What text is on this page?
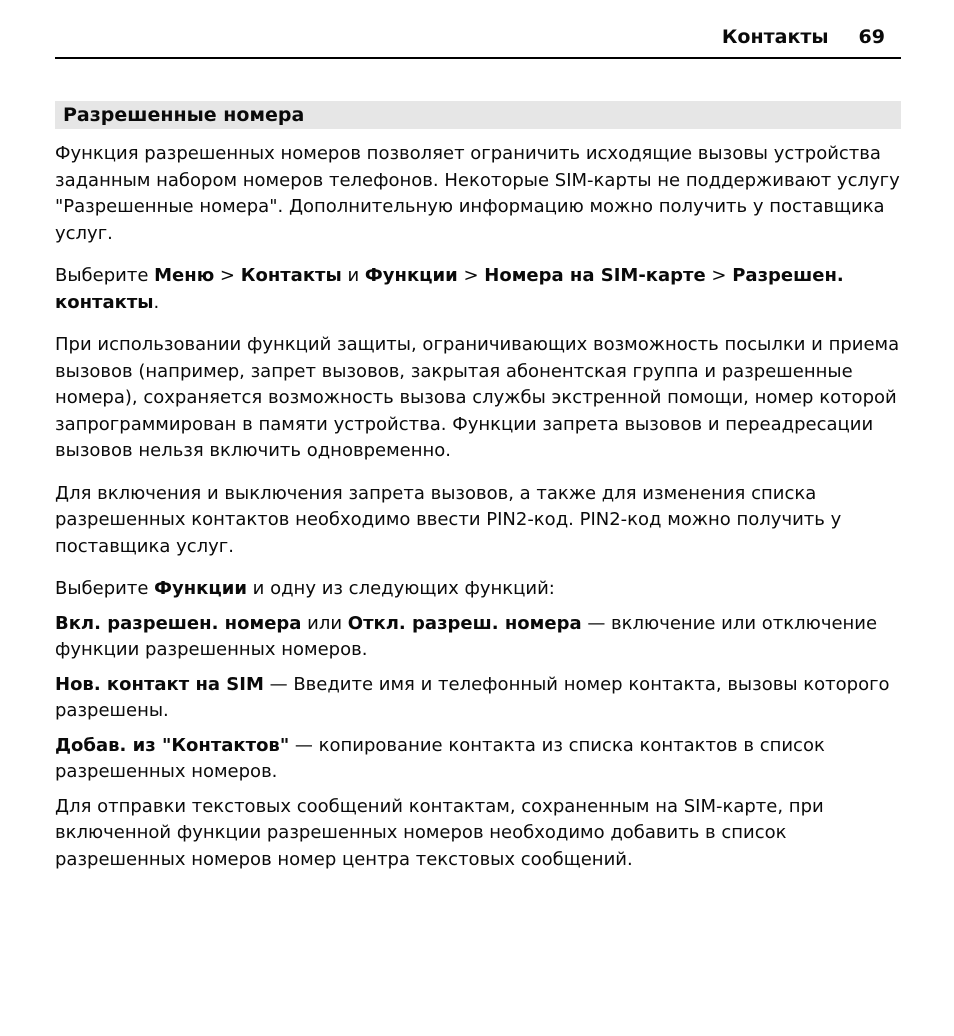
Контакты 69
Разрешенные номера

Функция разрешенных номеров позволяет ограничить исходящие вызовы устройства заданным набором номеров телефонов. Некоторые SIM-карты не поддерживают услугу "Разрешенные номера". Дополнительную информацию можно получить у поставщика услуг.

Выберите Меню > Контакты и Функции > Номера на SIM-карте > Разрешен. контакты.

При использовании функций защиты, ограничивающих возможность посылки и приема вызовов (например, запрет вызовов, закрытая абонентская группа и разрешенные номера), сохраняется возможность вызова службы экстренной помощи, номер которой запрограммирован в памяти устройства. Функции запрета вызовов и переадресации вызовов нельзя включить одновременно.

Для включения и выключения запрета вызовов, а также для изменения списка разрешенных контактов необходимо ввести PIN2-код. PIN2-код можно получить у поставщика услуг.

Выберите Функции и одну из следующих функций:

Вкл. разрешен. номера или Откл. разреш. номера — включение или отключение функции разрешенных номеров.

Нов. контакт на SIM — Введите имя и телефонный номер контакта, вызовы которого разрешены.

Добав. из "Контактов" — копирование контакта из списка контактов в список разрешенных номеров.

Для отправки текстовых сообщений контактам, сохраненным на SIM-карте, при включенной функции разрешенных номеров необходимо добавить в список разрешенных номеров номер центра текстовых сообщений.
